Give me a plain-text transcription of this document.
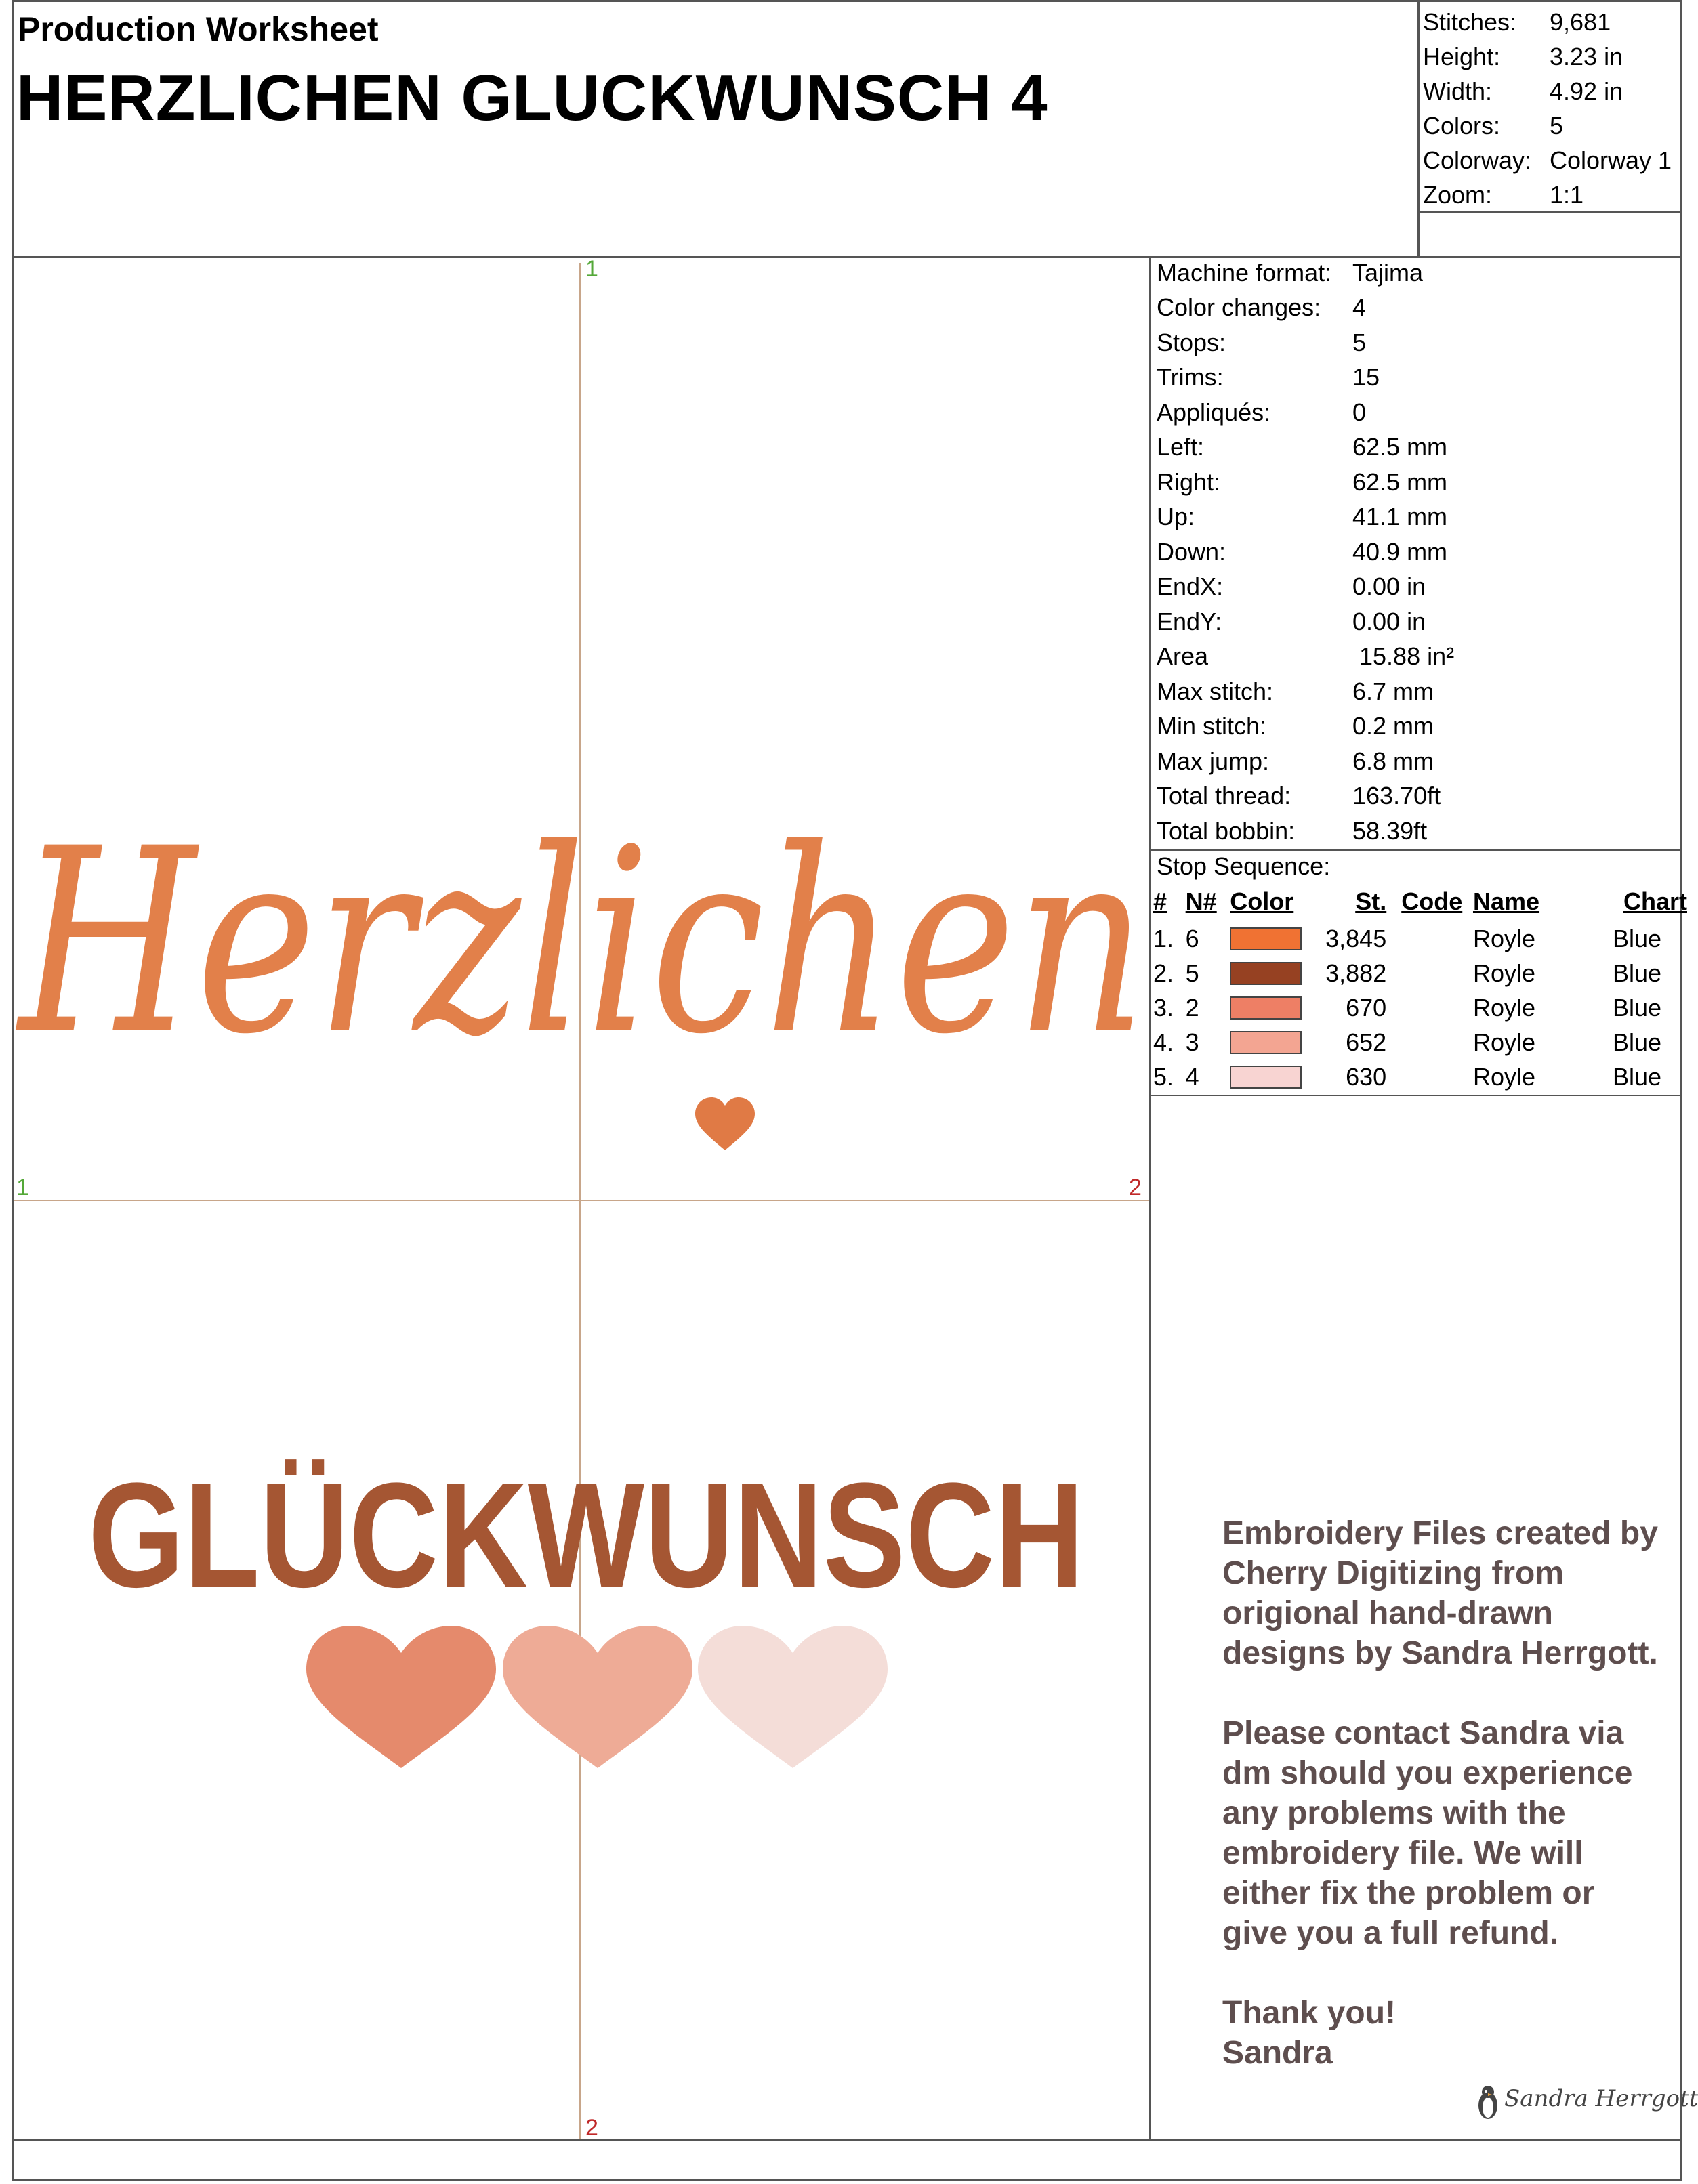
Production Worksheet
HERZLICHEN GLUCKWUNSCH 4
Stitches: 9,681
Height: 3.23 in
Width: 4.92 in
Colors: 5
Colorway: Colorway 1
Zoom: 1:1
Machine format: Tajima
Color changes: 4
Stops:	5
Trims:	15
Appliqués:	0
Left:	62.5 mm
Right:	62.5 mm
Up:	41.1 mm
Down:	40.9 mm
EndX:	0.00 in
EndY:	0.00 in
Area	15.88 in²
Max stitch:	6.7 mm
Min stitch:	0.2 mm
Max jump:	6.8 mm
Total thread:	163.70ft
Total bobbin: 58.39ft
Stop Sequence:
#	N#	Color	St.	Code	Name	Chart
1.	6		3,845		Royle	Blue
2.	5		3,882		Royle	Blue
3.	2		670		Royle	Blue
4.	3		652		Royle	Blue
5.	4		630		Royle	Blue
Herzlichen
GLÜCKWUNSCH
1
1	2
2

Embroidery Files created by Cherry Digitizing from origional hand-drawn designs by Sandra Herrgott.

Please contact Sandra via dm should you experience any problems with the embroidery file. We will either fix the problem or give you a full refund.

Thank you!
Sandra
Sandra Herrgott
